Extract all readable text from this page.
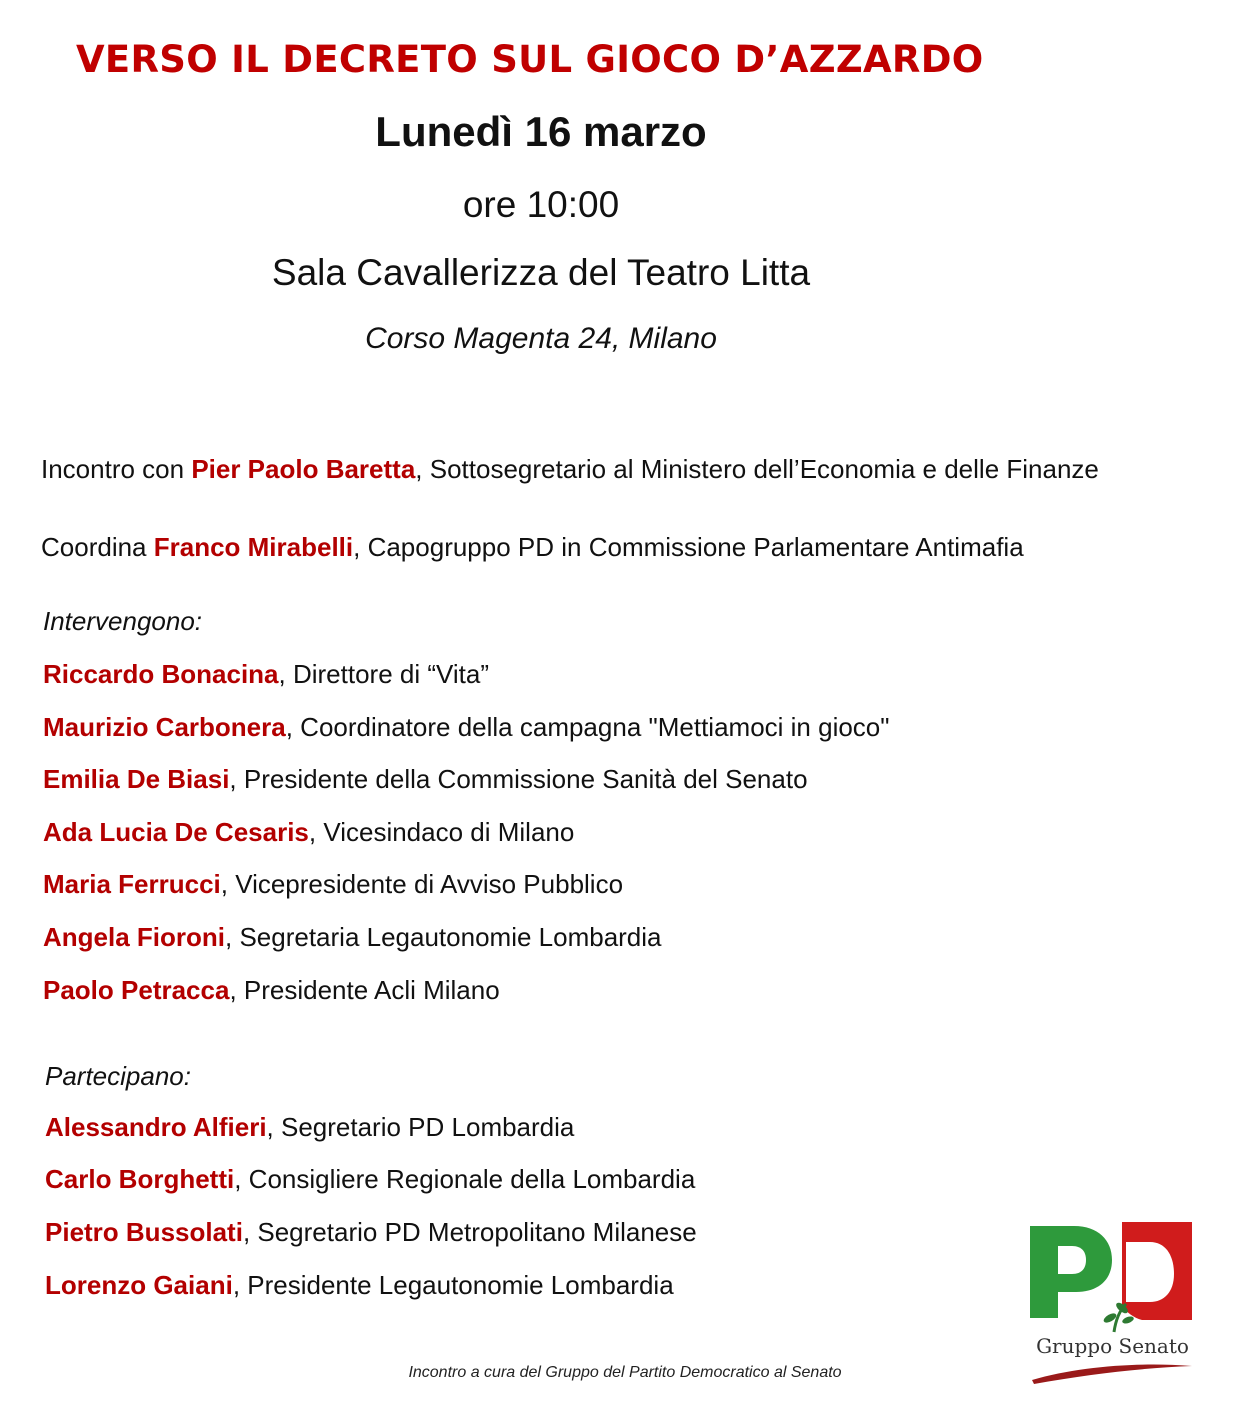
VERSO IL DECRETO SUL GIOCO D’AZZARDO
Lunedì 16 marzo
ore 10:00
Sala Cavallerizza del Teatro Litta
Corso Magenta 24, Milano
Incontro con Pier Paolo Baretta, Sottosegretario al Ministero dell’Economia e delle Finanze
Coordina Franco Mirabelli, Capogruppo PD in Commissione Parlamentare Antimafia
Intervengono:
Riccardo Bonacina, Direttore di “Vita”
Maurizio Carbonera, Coordinatore della campagna "Mettiamoci in gioco"
Emilia De Biasi, Presidente della Commissione Sanità del Senato
Ada Lucia De Cesaris, Vicesindaco di Milano
Maria Ferrucci, Vicepresidente di Avviso Pubblico
Angela Fioroni, Segretaria Legautonomie Lombardia
Paolo Petracca, Presidente Acli Milano
Partecipano:
Alessandro Alfieri, Segretario PD Lombardia
Carlo Borghetti, Consigliere Regionale della Lombardia
Pietro Bussolati, Segretario PD Metropolitano Milanese
Lorenzo Gaiani, Presidente Legautonomie Lombardia
Gruppo Senato
Incontro a cura del Gruppo del Partito Democratico al Senato
